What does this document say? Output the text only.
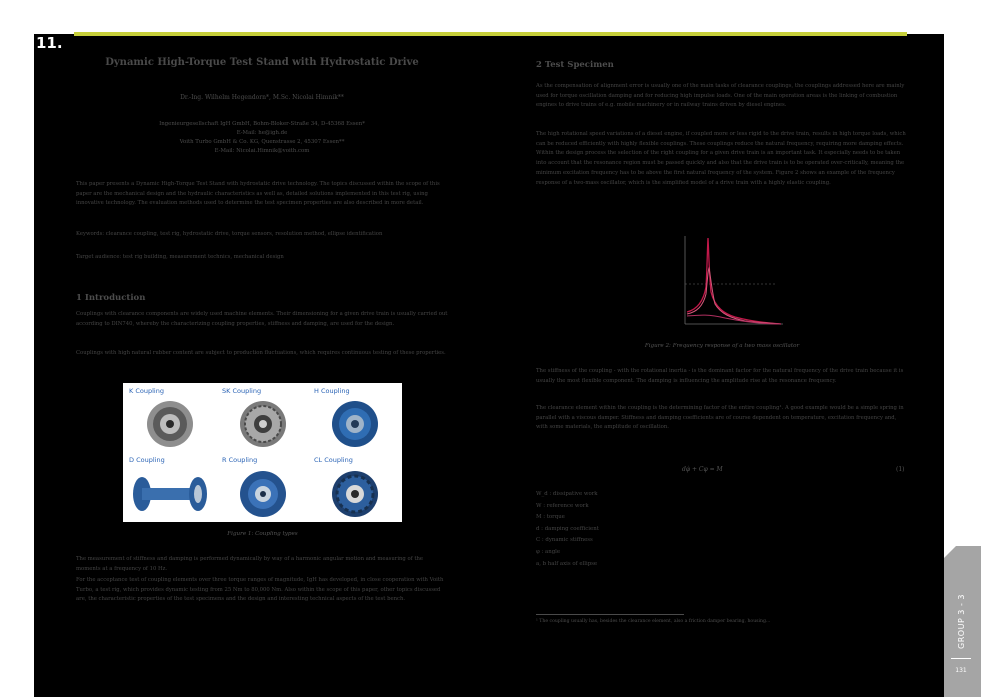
11.
Dynamic High-Torque Test Stand with Hydrostatic Drive
Dr.-Ing. Wilhelm Hegendorn*, M.Sc. Nicolai Himnik**
Ingenieurgesellschaft IgH GmbH, Bohm-Bloker-Straße 34, D-45368 Essen*
E-Mail: he@igh.de
Voith Turbo GmbH & Co. KG, Quenstrasse 2, 45307 Essen**
E-Mail: Nicolai.Himnik@voith.com
This paper presents a Dynamic High-Torque Test Stand with hydrostatic drive technology. The topics discussed within the scope of this paper are the mechanical design and the hydraulic characteristics as well as, detailed solutions implemented in this test rig, using innovative technology. The evaluation methods used to determine the test specimen properties are also described in more detail.
Keywords: clearance coupling, test rig, hydrostatic drive, torque sensors, resolution method, ellipse identification
Target audience: test rig building, measurement technics, mechanical design
1 Introduction
Couplings with clearance components are widely used machine elements. Their dimensioning for a given drive train is usually carried out according to DIN740, whereby the characterizing coupling properties, stiffness and damping, are used for the design.
Couplings with high natural rubber content are subject to production fluctuations, which requires continuous testing of these properties.
K Coupling	SK Coupling	H Coupling
D Coupling	R Coupling	CL Coupling
Figure 1: Coupling types
The measurement of stiffness and damping is performed dynamically by way of a harmonic angular motion and measuring of the moments at a frequency of 10 Hz.
For the acceptance test of coupling elements over three torque ranges of magnitude, IgH has developed, in close cooperation with Voith Turbo, a test rig, which provides dynamic testing from 25 Nm to 80,000 Nm. Also within the scope of this paper, other topics discussed are, the characteristic properties of the test specimens and the design and interesting technical aspects of the test bench.
2 Test Specimen
As the compensation of alignment error is usually one of the main tasks of clearance couplings, the couplings addressed here are mainly used for torque oscillation damping and for reducing high impulse loads. One of the main operation areas is the linking of combustion engines to drive trains of e.g. mobile machinery or in railway trains driven by diesel engines.
The high rotational speed variations of a diesel engine, if coupled more or less rigid to the drive train, results in high torque loads, which can be reduced efficiently with highly flexible couplings. These couplings reduce the natural frequency, requiring more damping effects. Within the design process the selection of the right coupling for a given drive train is an important task. It especially needs to be taken into account that the resonance region must be passed quickly and also that the drive train is to be operated over-critically, meaning the minimum excitation frequency has to be above the first natural frequency of the system. Figure 2 shows an example of the frequency response of a two-mass oscillator, which is the simplified model of a drive train with a highly elastic coupling.
Figure 2: Frequency response of a two mass oscillator
The stiffness of the coupling - with the rotational inertia - is the dominant factor for the natural frequency of the drive train because it is usually the most flexible component. The damping is influencing the amplitude rise at the resonance frequency.
The clearance element within the coupling is the determining factor of the entire coupling¹. A good example would be a simple spring in parallel with a viscous damper. Stiffness and damping coefficients are of course dependent on temperature, excitation frequency and, with some materials, the amplitude of oscillation.
dφ̇ + Cφ = M	(1)
W_d : dissipative work
W : reference work
M : torque
d : damping coefficient
C : dynamic stiffness
φ : angle
a, b half axis of ellipse
¹ The coupling usually has, besides the clearance element, also a friction damper bearing, housing...	GROUP 3 - 3
131
